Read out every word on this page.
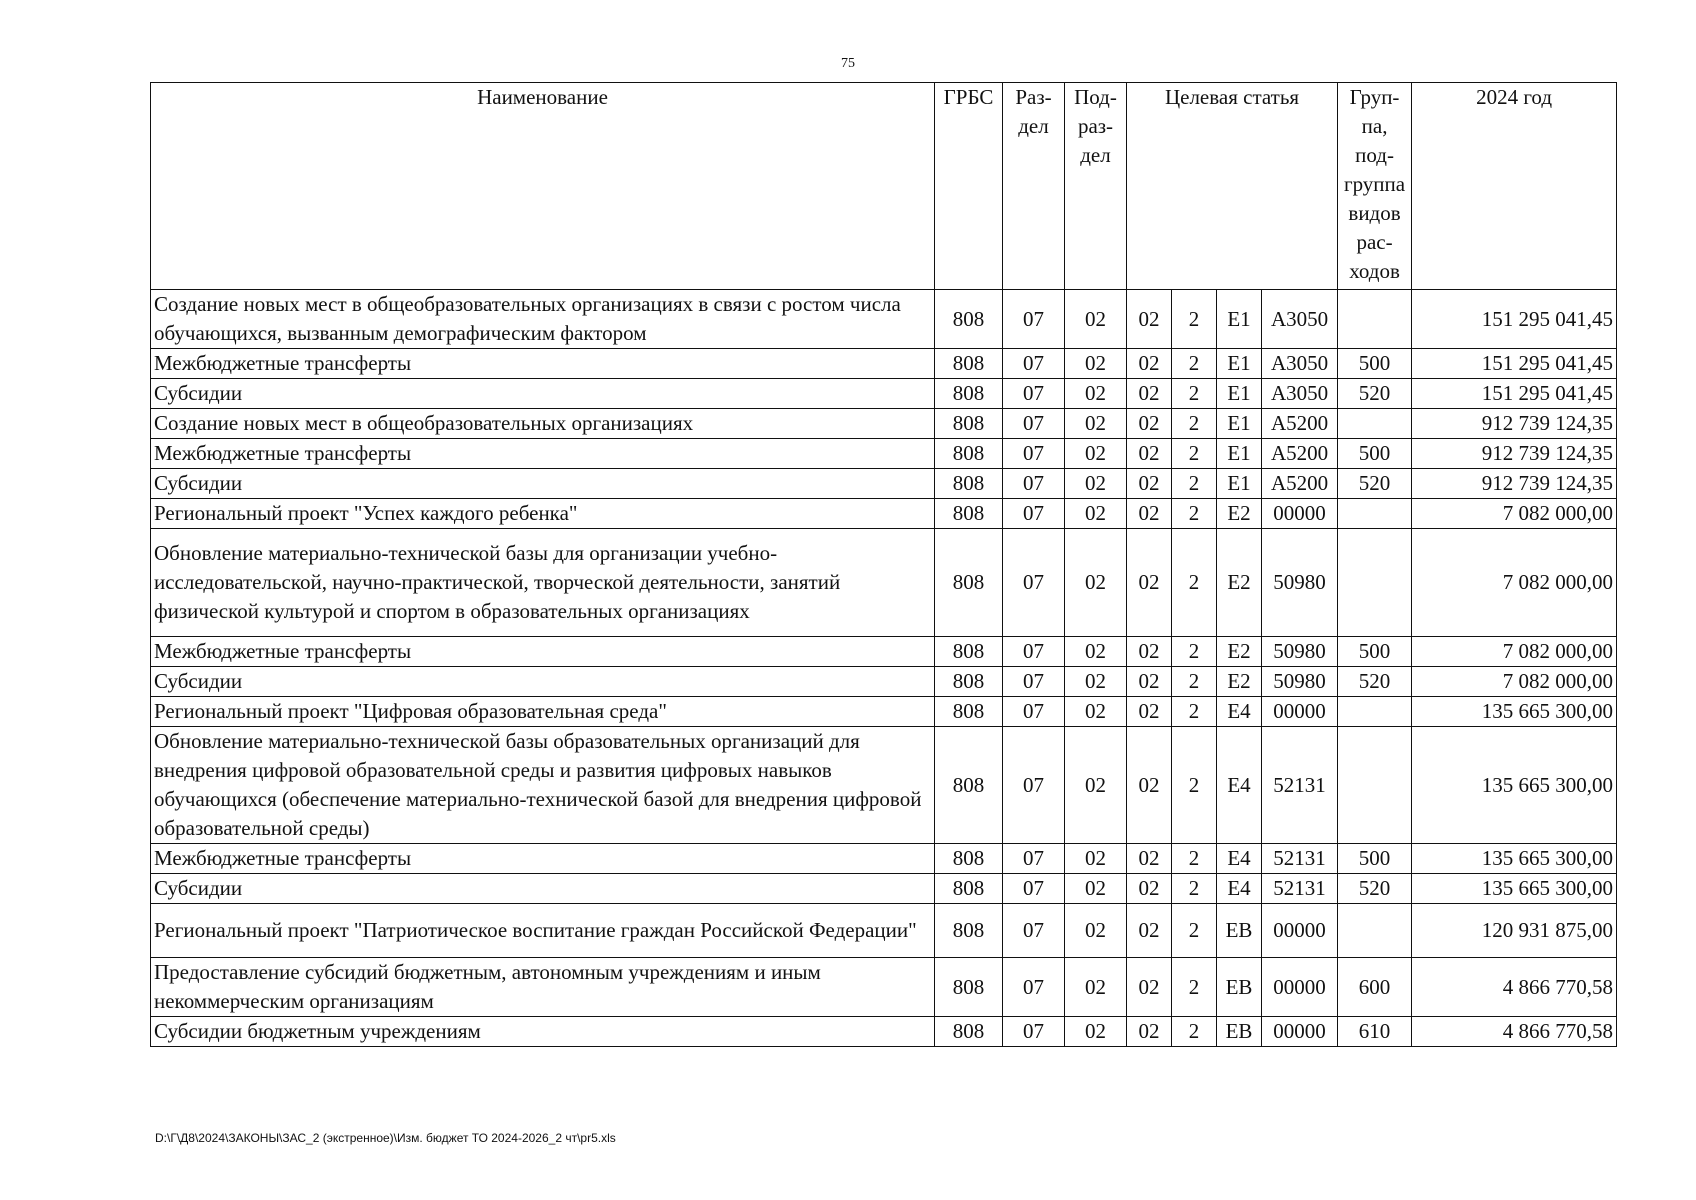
75
Наименование	ГРБС	Раз-дел	Под-раз-дел	Целевая статья				Груп-па, под-группа видов рас-ходов	2024 год
Создание новых мест в общеобразовательных организациях в связи с ростом числа обучающихся, вызванным демографическим фактором	808	07	02	02	2	E1	A3050		151 295 041,45
Межбюджетные трансферты	808	07	02	02	2	E1	A3050	500	151 295 041,45
Субсидии	808	07	02	02	2	E1	A3050	520	151 295 041,45
Создание новых мест в общеобразовательных организациях	808	07	02	02	2	E1	A5200		912 739 124,35
Межбюджетные трансферты	808	07	02	02	2	E1	A5200	500	912 739 124,35
Субсидии	808	07	02	02	2	E1	A5200	520	912 739 124,35
Региональный проект "Успех каждого ребенка"	808	07	02	02	2	E2	00000		7 082 000,00
Обновление материально-технической базы для организации учебно-исследовательской, научно-практической, творческой деятельности, занятий физической культурой и спортом в образовательных организациях	808	07	02	02	2	E2	50980		7 082 000,00
Межбюджетные трансферты	808	07	02	02	2	E2	50980	500	7 082 000,00
Субсидии	808	07	02	02	2	E2	50980	520	7 082 000,00
Региональный проект "Цифровая образовательная среда"	808	07	02	02	2	E4	00000		135 665 300,00
Обновление материально-технической базы образовательных организаций для внедрения цифровой образовательной среды и развития цифровых навыков обучающихся (обеспечение материально-технической базой для внедрения цифровой образовательной среды)	808	07	02	02	2	E4	52131		135 665 300,00
Межбюджетные трансферты	808	07	02	02	2	E4	52131	500	135 665 300,00
Субсидии	808	07	02	02	2	E4	52131	520	135 665 300,00
Региональный проект "Патриотическое воспитание граждан Российской Федерации"	808	07	02	02	2	EB	00000		120 931 875,00
Предоставление субсидий бюджетным, автономным учреждениям и иным некоммерческим организациям	808	07	02	02	2	EB	00000	600	4 866 770,58
Субсидии бюджетным учреждениям	808	07	02	02	2	EB	00000	610	4 866 770,58
D:\Г\Д8\2024\ЗАКОНЫ\ЗАС_2 (экстренное)\Изм. бюджет ТО 2024-2026_2 чт\pr5.xls
